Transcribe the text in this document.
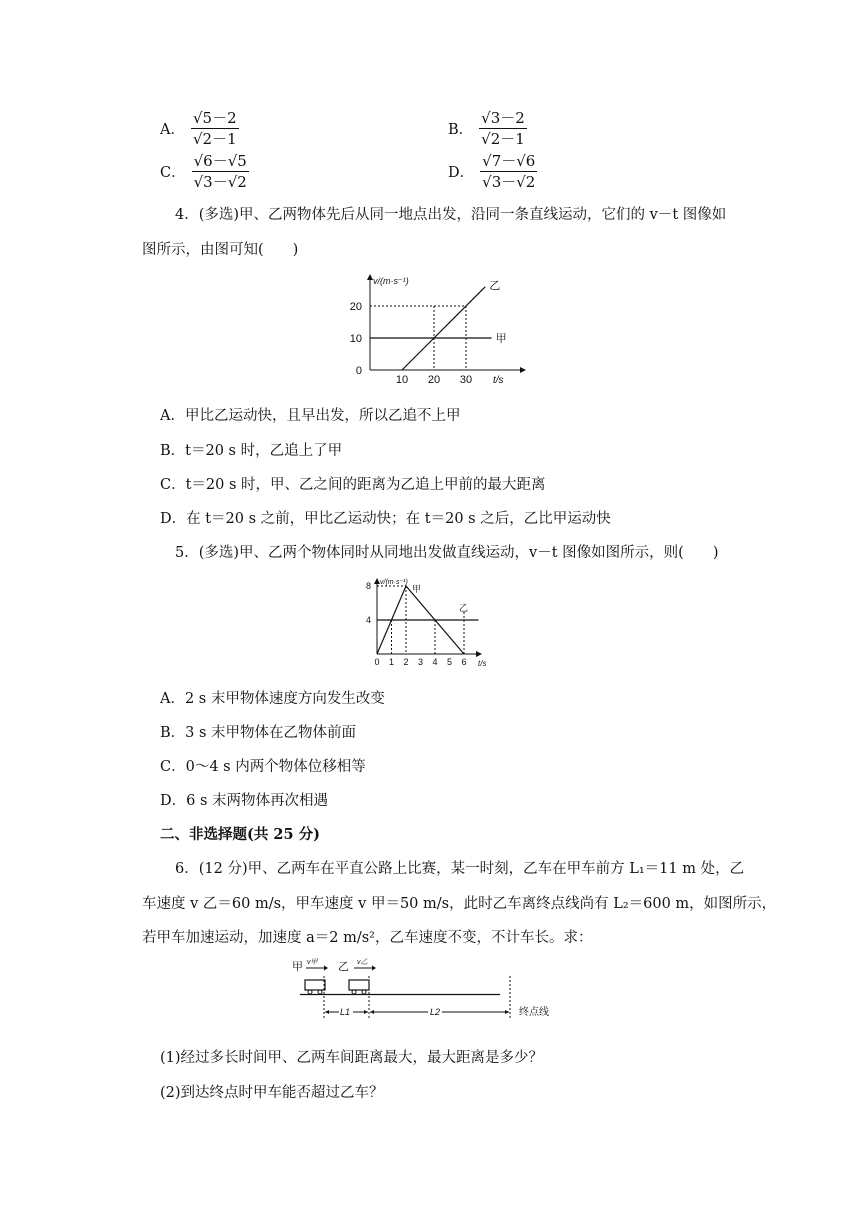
A． $\frac{√5-2}{√2-1}$	B． $\frac{√3-2}{√2-1}$
C． $\frac{√6-√5}{√3-√2}$	D． $\frac{√7-√6}{√3-√2}$
4．(多选)甲、乙两物体先后从同一地点出发，沿同一条直线运动，它们的 v－t 图像如
图所示，由图可知(　　)
v/(m·s⁻¹)
t/s
0
10
20
10 20 30
甲
乙
A．甲比乙运动快，且早出发，所以乙追不上甲
B．t＝20 s 时，乙追上了甲
C．t＝20 s 时，甲、乙之间的距离为乙追上甲前的最大距离
D．在 t＝20 s 之前，甲比乙运动快；在 t＝20 s 之后，乙比甲运动快
5．(多选)甲、乙两个物体同时从同地出发做直线运动，v－t 图像如图所示，则(　　)
v/(m·s⁻¹)
t/s
4
8
0 1 2 3 4 5 6
甲
乙
A．2 s 末甲物体速度方向发生改变
B．3 s 末甲物体在乙物体前面
C．0～4 s 内两个物体位移相等
D．6 s 末两物体再次相遇
二、非选择题(共 25 分)
6．(12 分)甲、乙两车在平直公路上比赛，某一时刻，乙车在甲车前方 L₁＝11 m 处，乙
车速度 v 乙＝60 m/s，甲车速度 v 甲＝50 m/s，此时乙车离终点线尚有 L₂＝600 m，如图所示，
若甲车加速运动，加速度 a＝2 m/s²，乙车速度不变，不计车长。求：
甲	乙
v甲	v乙
L1	L2	终点线
(1)经过多长时间甲、乙两车间距离最大，最大距离是多少？
(2)到达终点时甲车能否超过乙车？
